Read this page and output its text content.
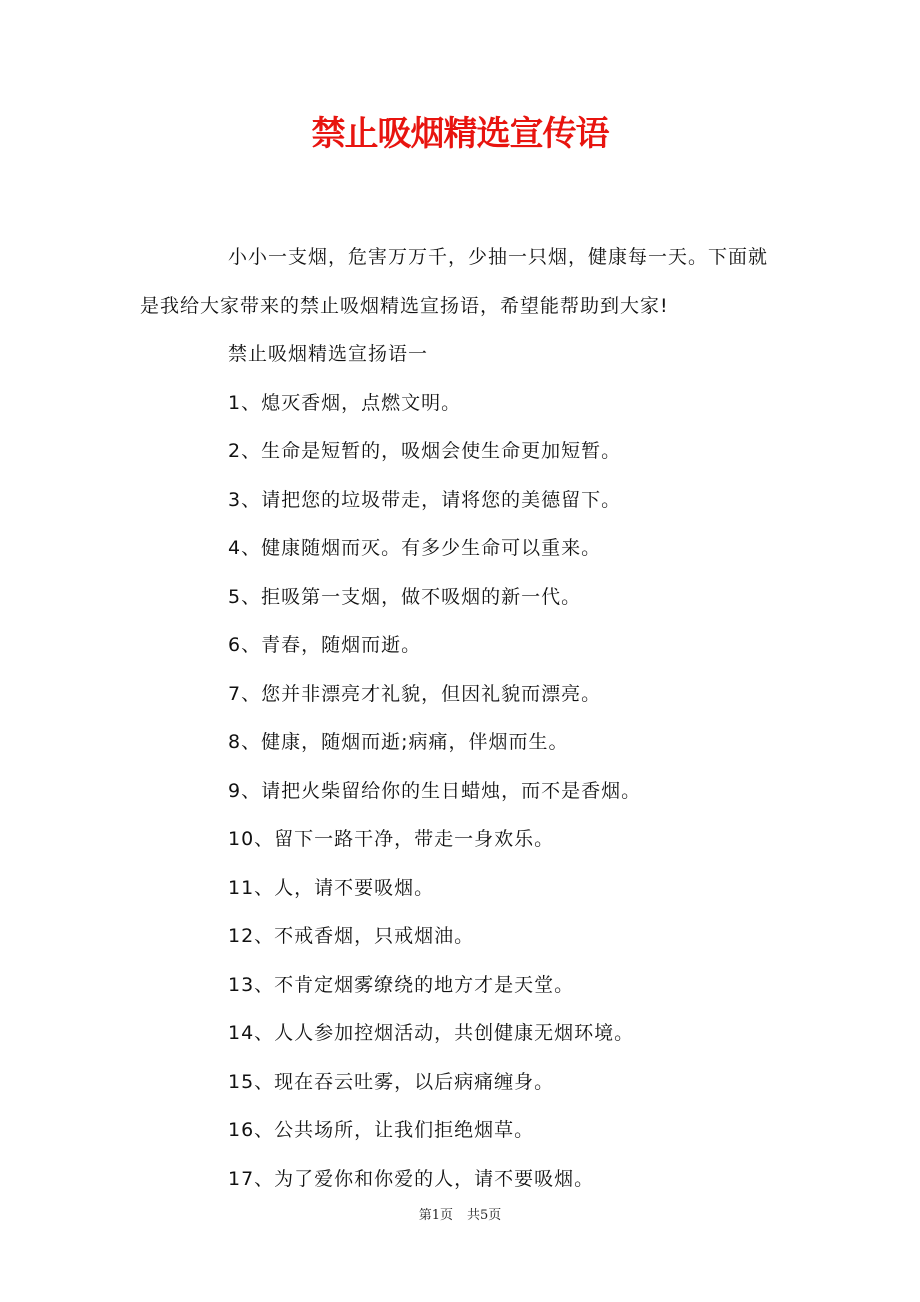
禁止吸烟精选宣传语

小小一支烟，危害万万千，少抽一只烟，健康每一天。下面就是我给大家带来的禁止吸烟精选宣扬语，希望能帮助到大家!

禁止吸烟精选宣扬语一

1、熄灭香烟，点燃文明。

2、生命是短暂的，吸烟会使生命更加短暂。

3、请把您的垃圾带走，请将您的美德留下。

4、健康随烟而灭。有多少生命可以重来。

5、拒吸第一支烟，做不吸烟的新一代。

6、青春，随烟而逝。

7、您并非漂亮才礼貌，但因礼貌而漂亮。

8、健康，随烟而逝;病痛，伴烟而生。

9、请把火柴留给你的生日蜡烛，而不是香烟。

10、留下一路干净，带走一身欢乐。

11、人，请不要吸烟。

12、不戒香烟，只戒烟油。

13、不肯定烟雾缭绕的地方才是天堂。

14、人人参加控烟活动，共创健康无烟环境。

15、现在吞云吐雾，以后病痛缠身。

16、公共场所，让我们拒绝烟草。

17、为了爱你和你爱的人，请不要吸烟。

第1页 共5页
